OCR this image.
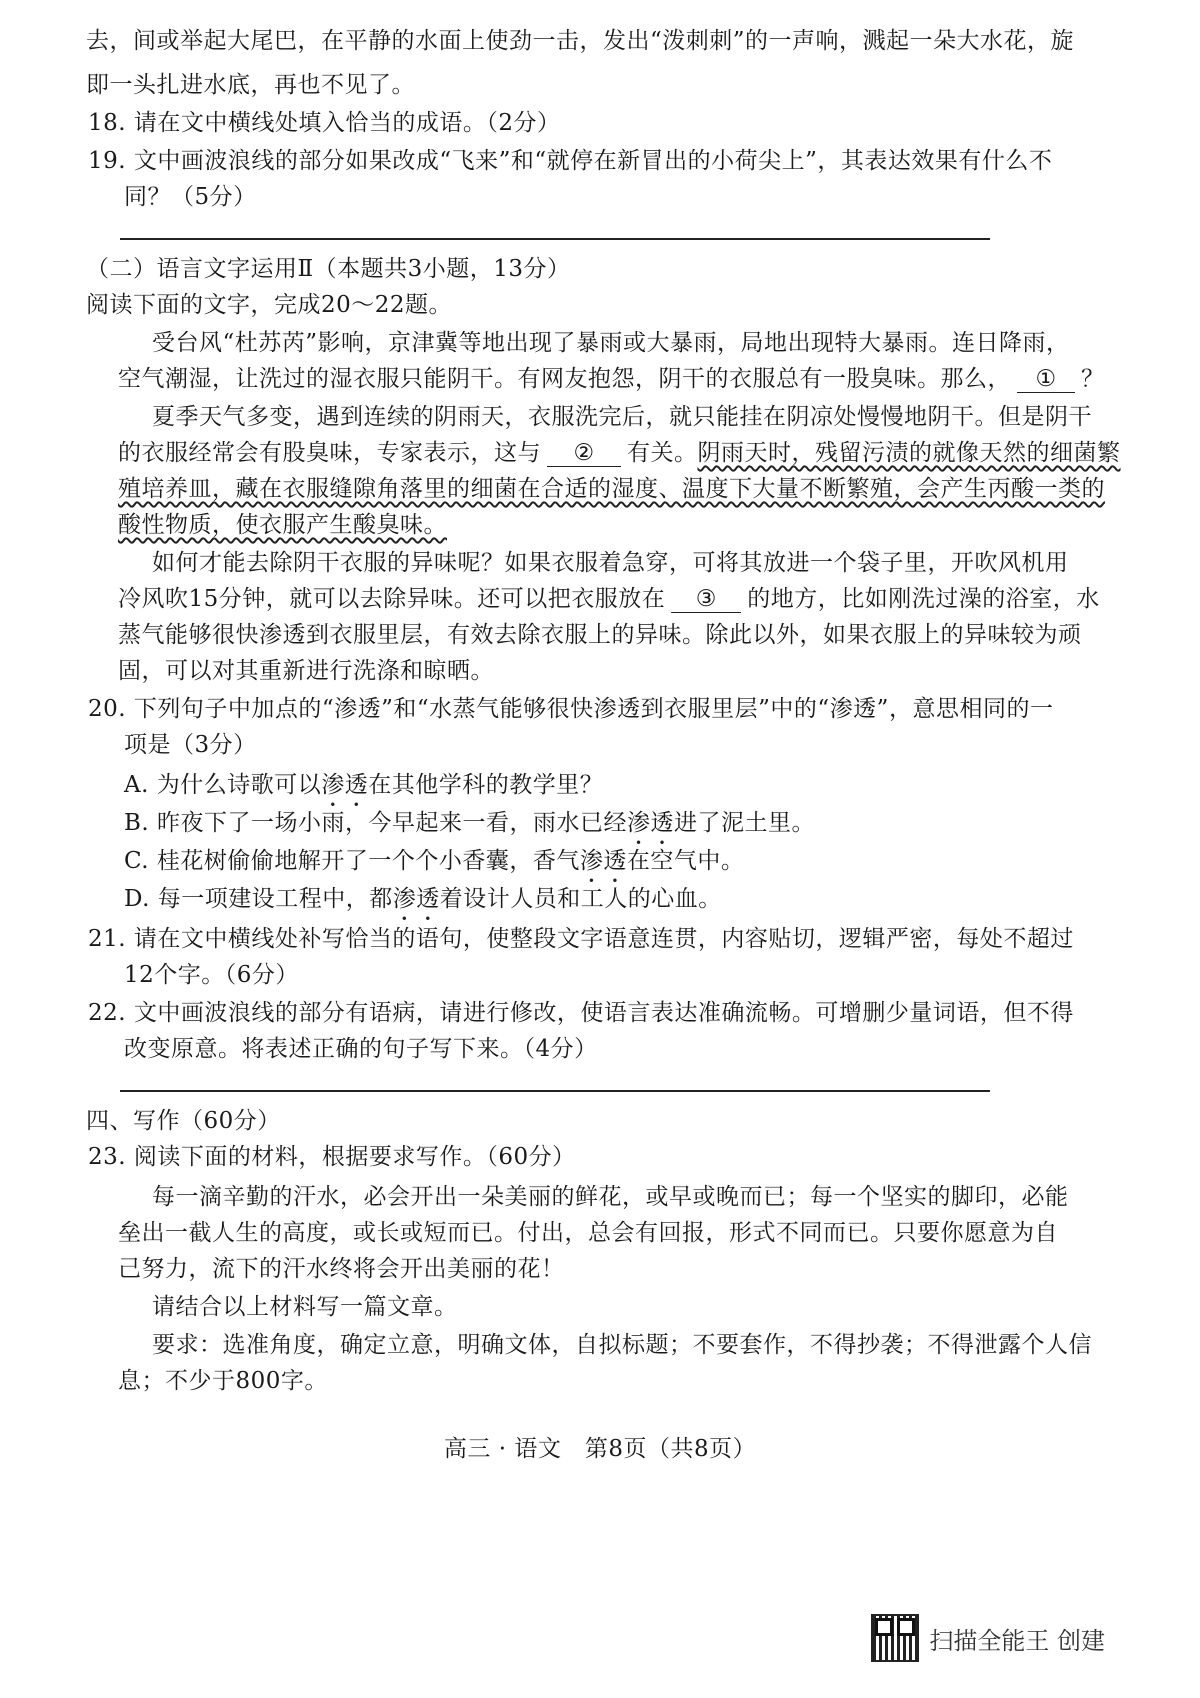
去，间或举起大尾巴，在平静的水面上使劲一击，发出“泼刺刺”的一声响，溅起一朵大水花，旋
即一头扎进水底，再也不见了。
18. 请在文中横线处填入恰当的成语。（2分）
19. 文中画波浪线的部分如果改成“飞来”和“就停在新冒出的小荷尖上”，其表达效果有什么不
同？（5分）
（二）语言文字运用Ⅱ（本题共3小题，13分）
阅读下面的文字，完成20～22题。
受台风“杜苏芮”影响，京津冀等地出现了暴雨或大暴雨，局地出现特大暴雨。连日降雨，
空气潮湿，让洗过的湿衣服只能阴干。有网友抱怨，阴干的衣服总有一股臭味。那么， ① ？
夏季天气多变，遇到连续的阴雨天，衣服洗完后，就只能挂在阴凉处慢慢地阴干。但是阴干
的衣服经常会有股臭味，专家表示，这与 ② 有关。阴雨天时，残留污渍的就像天然的细菌繁
殖培养皿，藏在衣服缝隙角落里的细菌在合适的湿度、温度下大量不断繁殖，会产生丙酸一类的
酸性物质，使衣服产生酸臭味。
如何才能去除阴干衣服的异味呢？如果衣服着急穿，可将其放进一个袋子里，开吹风机用
冷风吹15分钟，就可以去除异味。还可以把衣服放在 ③ 的地方，比如刚洗过澡的浴室，水
蒸气能够很快渗透到衣服里层，有效去除衣服上的异味。除此以外，如果衣服上的异味较为顽
固，可以对其重新进行洗涤和晾晒。
20. 下列句子中加点的“渗透”和“水蒸气能够很快渗透到衣服里层”中的“渗透”，意思相同的一
项是（3分）
A. 为什么诗歌可以渗透在其他学科的教学里？
B. 昨夜下了一场小雨，今早起来一看，雨水已经渗透进了泥土里。
C. 桂花树偷偷地解开了一个个小香囊，香气渗透在空气中。
D. 每一项建设工程中，都渗透着设计人员和工人的心血。
21. 请在文中横线处补写恰当的语句，使整段文字语意连贯，内容贴切，逻辑严密，每处不超过
12个字。（6分）
22. 文中画波浪线的部分有语病，请进行修改，使语言表达准确流畅。可增删少量词语，但不得
改变原意。将表述正确的句子写下来。（4分）
四、写作（60分）
23. 阅读下面的材料，根据要求写作。（60分）
每一滴辛勤的汗水，必会开出一朵美丽的鲜花，或早或晚而已；每一个坚实的脚印，必能
垒出一截人生的高度，或长或短而已。付出，总会有回报，形式不同而已。只要你愿意为自
己努力，流下的汗水终将会开出美丽的花！
请结合以上材料写一篇文章。
要求：选准角度，确定立意，明确文体，自拟标题；不要套作，不得抄袭；不得泄露个人信
息；不少于800字。
高三 · 语文　第8页（共8页）
扫描全能王 创建
